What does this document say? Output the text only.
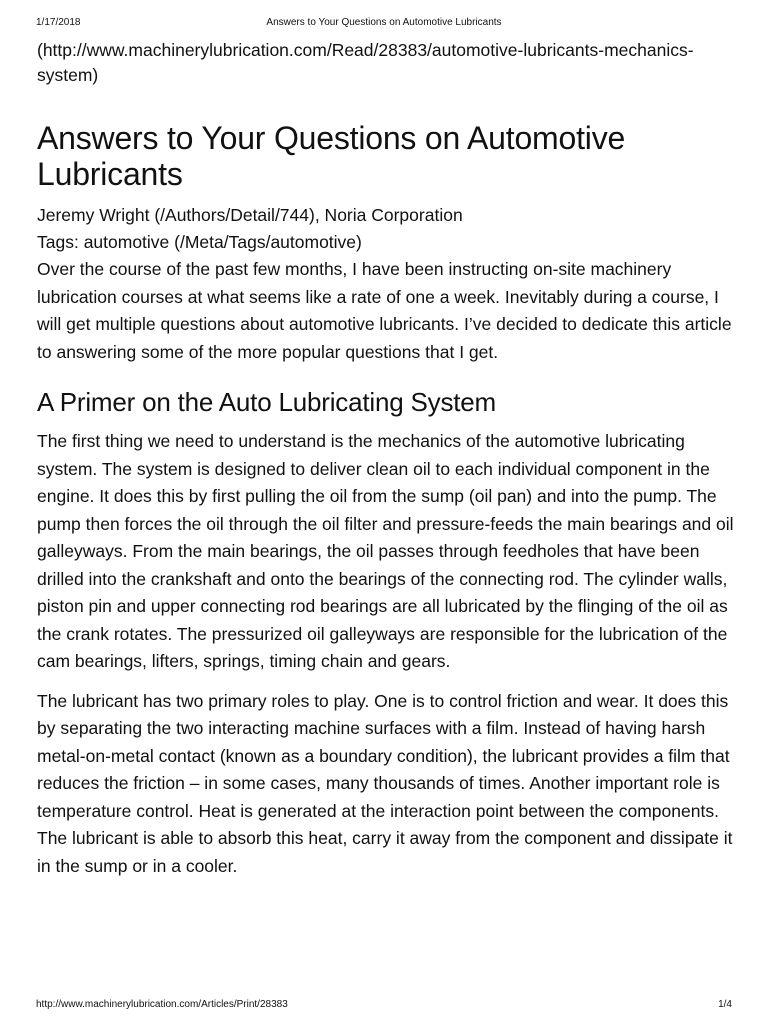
1/17/2018	Answers to Your Questions on Automotive Lubricants

(http://www.machinerylubrication.com/Read/28383/automotive-lubricants-mechanics-system)

Answers to Your Questions on Automotive Lubricants

Jeremy Wright (/Authors/Detail/744), Noria Corporation

Tags: automotive (/Meta/Tags/automotive)

Over the course of the past few months, I have been instructing on-site machinery lubrication courses at what seems like a rate of one a week. Inevitably during a course, I will get multiple questions about automotive lubricants. I’ve decided to dedicate this article to answering some of the more popular questions that I get.

A Primer on the Auto Lubricating System

The first thing we need to understand is the mechanics of the automotive lubricating system. The system is designed to deliver clean oil to each individual component in the engine. It does this by first pulling the oil from the sump (oil pan) and into the pump. The pump then forces the oil through the oil filter and pressure-feeds the main bearings and oil galleyways. From the main bearings, the oil passes through feedholes that have been drilled into the crankshaft and onto the bearings of the connecting rod. The cylinder walls, piston pin and upper connecting rod bearings are all lubricated by the flinging of the oil as the crank rotates. The pressurized oil galleyways are responsible for the lubrication of the cam bearings, lifters, springs, timing chain and gears.

The lubricant has two primary roles to play. One is to control friction and wear. It does this by separating the two interacting machine surfaces with a film. Instead of having harsh metal-on-metal contact (known as a boundary condition), the lubricant provides a film that reduces the friction – in some cases, many thousands of times. Another important role is temperature control. Heat is generated at the interaction point between the components. The lubricant is able to absorb this heat, carry it away from the component and dissipate it in the sump or in a cooler.

http://www.machinerylubrication.com/Articles/Print/28383	1/4
